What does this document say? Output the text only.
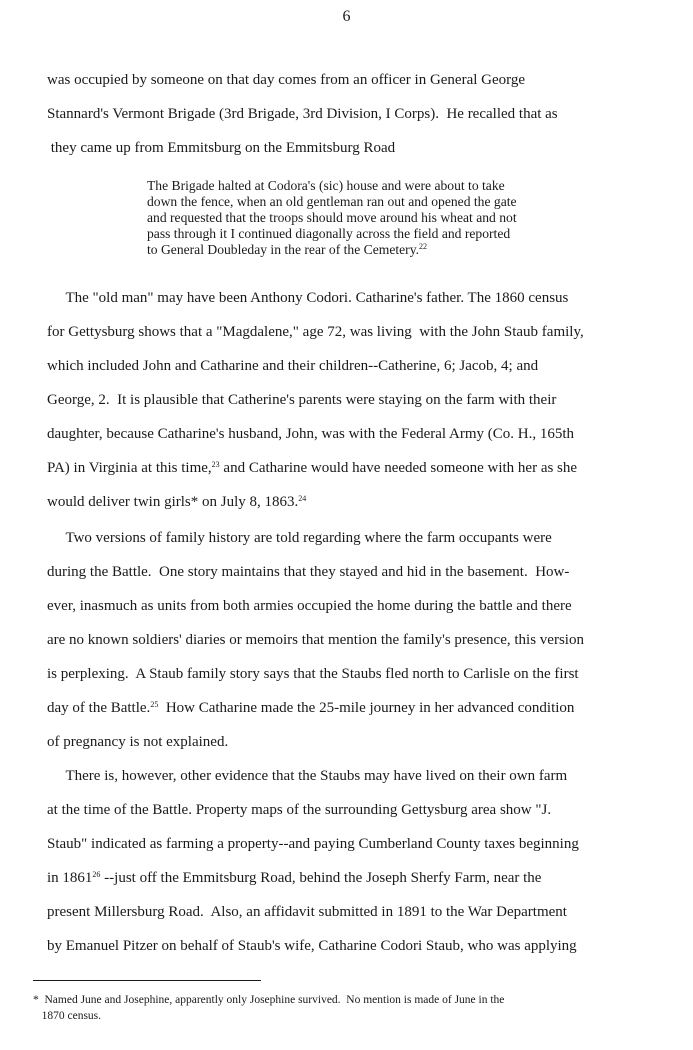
6
was occupied by someone on that day comes from an officer in General George
Stannard's Vermont Brigade (3rd Brigade, 3rd Division, I Corps).  He recalled that as
they came up from Emmitsburg on the Emmitsburg Road
The Brigade halted at Codora's (sic) house and were about to take
down the fence, when an old gentleman ran out and opened the gate
and requested that the troops should move around his wheat and not
pass through it I continued diagonally across the field and reported
to General Doubleday in the rear of the Cemetery.$^{22}$
The "old man" may have been Anthony Codori. Catharine's father. The 1860 census
for Gettysburg shows that a "Magdalene," age 72, was living  with the John Staub family,
which included John and Catharine and their children--Catherine, 6; Jacob, 4; and
George, 2.  It is plausible that Catherine's parents were staying on the farm with their
daughter, because Catharine's husband, John, was with the Federal Army (Co. H., 165th
PA) in Virginia at this time,$^{23}$ and Catharine would have needed someone with her as she
would deliver twin girls* on July 8, 1863.24
Two versions of family history are told regarding where the farm occupants were
during the Battle.  One story maintains that they stayed and hid in the basement.  How-
ever, inasmuch as units from both armies occupied the home during the battle and there
are no known soldiers' diaries or memoirs that mention the family's presence, this version
is perplexing.  A Staub family story says that the Staubs fled north to Carlisle on the first
day of the Battle.$^{25}$  How Catharine made the 25-mile journey in her advanced condition
of pregnancy is not explained.
There is, however, other evidence that the Staubs may have lived on their own farm
at the time of the Battle. Property maps of the surrounding Gettysburg area show "J.
Staub" indicated as farming a property--and paying Cumberland County taxes beginning
in 1861$^{26}$ --just off the Emmitsburg Road, behind the Joseph Sherfy Farm, near the
present Millersburg Road.  Also, an affidavit submitted in 1891 to the War Department
by Emanuel Pitzer on behalf of Staub's wife, Catharine Codori Staub, who was applying
*  Named June and Josephine, apparently only Josephine survived.  No mention is made of June in the
1870 census.
